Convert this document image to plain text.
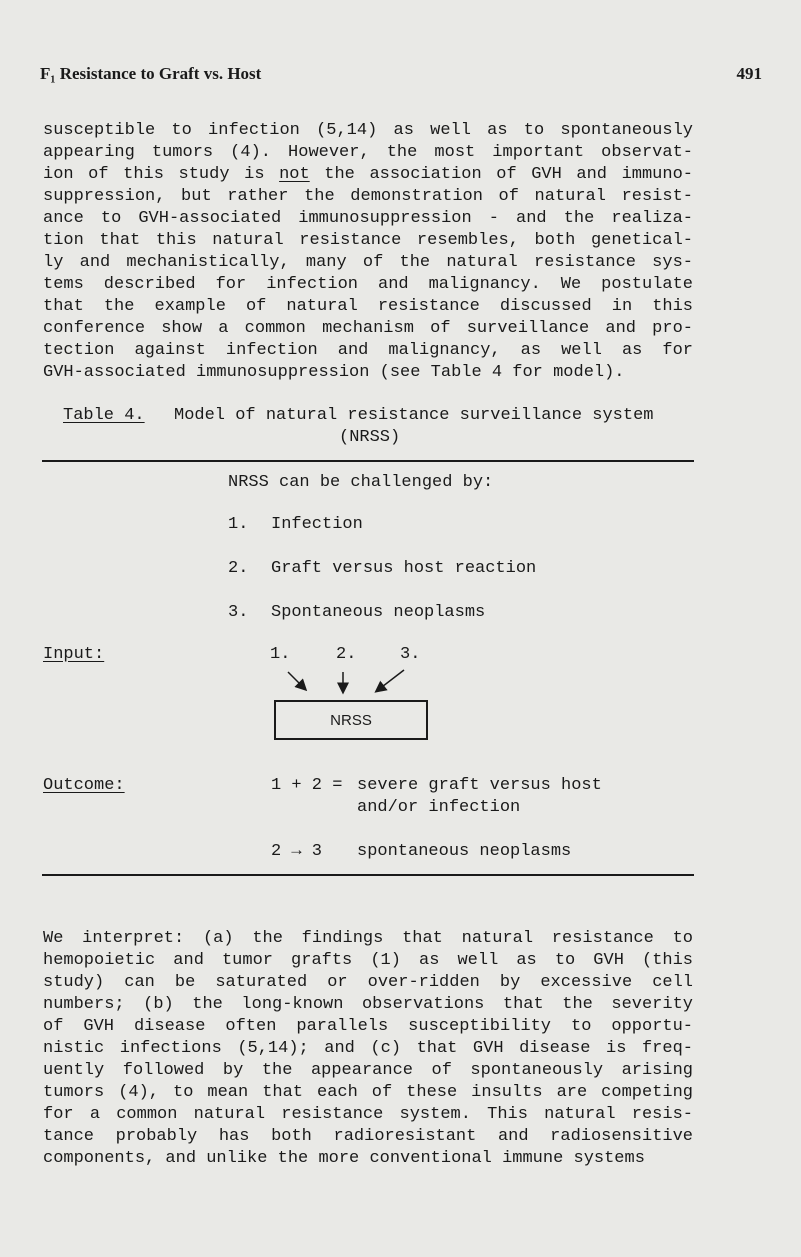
F₁ Resistance to Graft vs. Host	491
susceptible to infection (5,14) as well as to spontaneously
appearing tumors (4). However, the most important observat-
ion of this study is not the association of GVH and immuno-
suppression, but rather the demonstration of natural resist-
ance to GVH-associated immunosuppression - and the realiza-
tion that this natural resistance resembles, both genetical-
ly and mechanistically, many of the natural resistance sys-
tems described for infection and malignancy. We postulate
that the example of natural resistance discussed in this
conference show a common mechanism of surveillance and pro-
tection against infection and malignancy, as well as for
GVH-associated immunosuppression (see Table 4 for model).
Table 4. Model of natural resistance surveillance system
(NRSS)
NRSS can be challenged by:
1. Infection
2. Graft versus host reaction
3. Spontaneous neoplasms
Input:	1.	2.	3.
NRSS
Outcome:	1 + 2 = severe graft versus host
and/or infection
2 → 3 spontaneous neoplasms
We interpret: (a) the findings that natural resistance to
hemopoietic and tumor grafts (1) as well as to GVH (this
study) can be saturated or over-ridden by excessive cell
numbers; (b) the long-known observations that the severity
of GVH disease often parallels susceptibility to opportu-
nistic infections (5,14); and (c) that GVH disease is freq-
uently followed by the appearance of spontaneously arising
tumors (4), to mean that each of these insults are competing
for a common natural resistance system. This natural resis-
tance probably has both radioresistant and radiosensitive
components, and unlike the more conventional immune systems
